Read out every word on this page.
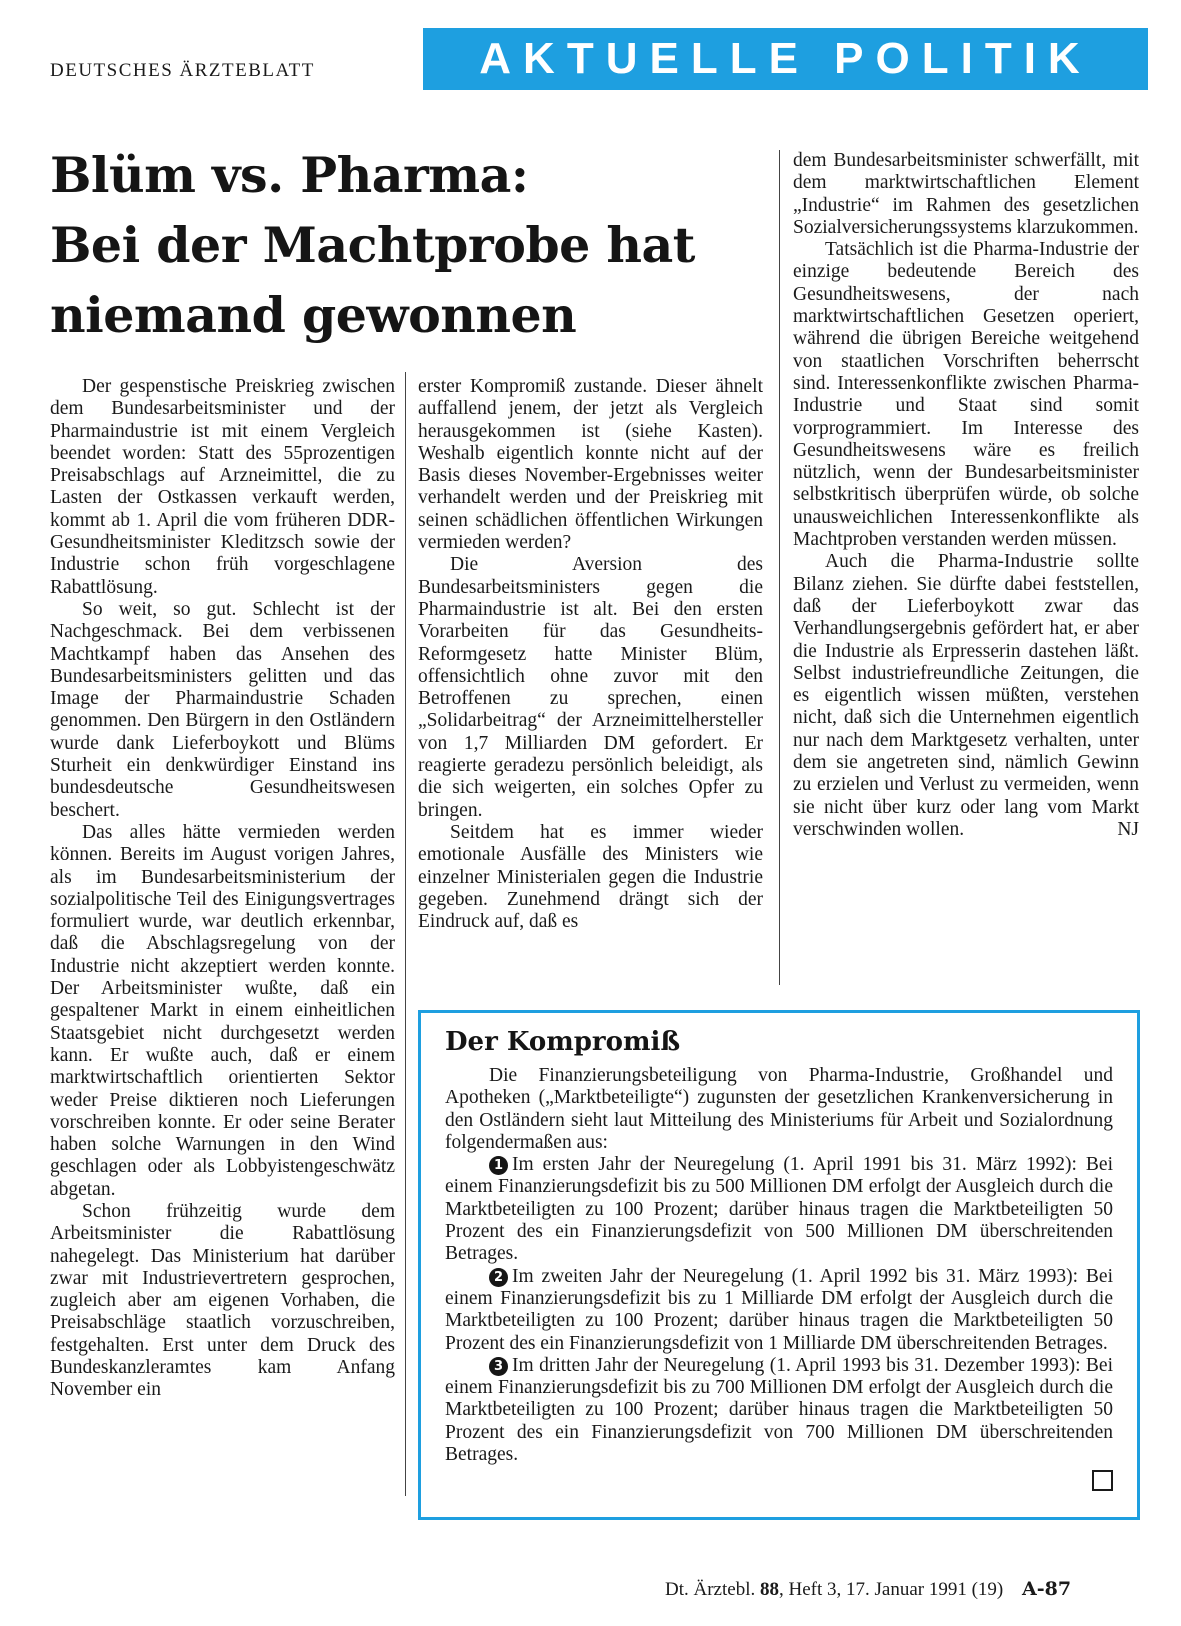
DEUTSCHES ÄRZTEBLATT	AKTUELLE POLITIK
Blüm vs. Pharma:
Bei der Machtprobe hat
niemand gewonnen

Der gespenstische Preiskrieg zwischen dem Bundesarbeitsminister und der Pharmaindustrie ist mit einem Vergleich beendet worden: Statt des 55prozentigen Preisabschlags auf Arzneimittel, die zu Lasten der Ostkassen verkauft werden, kommt ab 1. April die vom früheren DDR-Gesundheitsminister Kleditzsch sowie der Industrie schon früh vorgeschlagene Rabattlösung.

So weit, so gut. Schlecht ist der Nachgeschmack. Bei dem verbissenen Machtkampf haben das Ansehen des Bundesarbeitsministers gelitten und das Image der Pharmaindustrie Schaden genommen. Den Bürgern in den Ostländern wurde dank Lieferboykott und Blüms Sturheit ein denkwürdiger Einstand ins bundesdeutsche Gesundheitswesen beschert.

Das alles hätte vermieden werden können. Bereits im August vorigen Jahres, als im Bundesarbeitsministerium der sozialpolitische Teil des Einigungsvertrages formuliert wurde, war deutlich erkennbar, daß die Abschlagsregelung von der Industrie nicht akzeptiert werden konnte. Der Arbeitsminister wußte, daß ein gespaltener Markt in einem einheitlichen Staatsgebiet nicht durchgesetzt werden kann. Er wußte auch, daß er einem marktwirtschaftlich orientierten Sektor weder Preise diktieren noch Lieferungen vorschreiben konnte. Er oder seine Berater haben solche Warnungen in den Wind geschlagen oder als Lobbyistengeschwätz abgetan.

Schon frühzeitig wurde dem Arbeitsminister die Rabattlösung nahegelegt. Das Ministerium hat darüber zwar mit Industrievertretern gesprochen, zugleich aber am eigenen Vorhaben, die Preisabschläge staatlich vorzuschreiben, festgehalten. Erst unter dem Druck des Bundeskanzleramtes kam Anfang November ein

erster Kompromiß zustande. Dieser ähnelt auffallend jenem, der jetzt als Vergleich herausgekommen ist (siehe Kasten). Weshalb eigentlich konnte nicht auf der Basis dieses November-Ergebnisses weiter verhandelt werden und der Preiskrieg mit seinen schädlichen öffentlichen Wirkungen vermieden werden?

Die Aversion des Bundesarbeitsministers gegen die Pharmaindustrie ist alt. Bei den ersten Vorarbeiten für das Gesundheits-Reformgesetz hatte Minister Blüm, offensichtlich ohne zuvor mit den Betroffenen zu sprechen, einen „Solidarbeitrag“ der Arzneimittelhersteller von 1,7 Milliarden DM gefordert. Er reagierte geradezu persönlich beleidigt, als die sich weigerten, ein solches Opfer zu bringen.

Seitdem hat es immer wieder emotionale Ausfälle des Ministers wie einzelner Ministerialen gegen die Industrie gegeben. Zunehmend drängt sich der Eindruck auf, daß es

dem Bundesarbeitsminister schwerfällt, mit dem marktwirtschaftlichen Element „Industrie“ im Rahmen des gesetzlichen Sozialversicherungssystems klarzukommen.

Tatsächlich ist die Pharma-Industrie der einzige bedeutende Bereich des Gesundheitswesens, der nach marktwirtschaftlichen Gesetzen operiert, während die übrigen Bereiche weitgehend von staatlichen Vorschriften beherrscht sind. Interessenkonflikte zwischen Pharma-Industrie und Staat sind somit vorprogrammiert. Im Interesse des Gesundheitswesens wäre es freilich nützlich, wenn der Bundesarbeitsminister selbstkritisch überprüfen würde, ob solche unausweichlichen Interessenkonflikte als Machtproben verstanden werden müssen.

Auch die Pharma-Industrie sollte Bilanz ziehen. Sie dürfte dabei feststellen, daß der Lieferboykott zwar das Verhandlungsergebnis gefördert hat, er aber die Industrie als Erpresserin dastehen läßt. Selbst industriefreundliche Zeitungen, die es eigentlich wissen müßten, verstehen nicht, daß sich die Unternehmen eigentlich nur nach dem Marktgesetz verhalten, unter dem sie angetreten sind, nämlich Gewinn zu erzielen und Verlust zu vermeiden, wenn sie nicht über kurz oder lang vom Markt verschwinden wollen.	NJ

Der Kompromiß

Die Finanzierungsbeteiligung von Pharma-Industrie, Großhandel und Apotheken („Marktbeteiligte“) zugunsten der gesetzlichen Krankenversicherung in den Ostländern sieht laut Mitteilung des Ministeriums für Arbeit und Sozialordnung folgendermaßen aus:

1 Im ersten Jahr der Neuregelung (1. April 1991 bis 31. März 1992): Bei einem Finanzierungsdefizit bis zu 500 Millionen DM erfolgt der Ausgleich durch die Marktbeteiligten zu 100 Prozent; darüber hinaus tragen die Marktbeteiligten 50 Prozent des ein Finanzierungsdefizit von 500 Millionen DM überschreitenden Betrages.

2 Im zweiten Jahr der Neuregelung (1. April 1992 bis 31. März 1993): Bei einem Finanzierungsdefizit bis zu 1 Milliarde DM erfolgt der Ausgleich durch die Marktbeteiligten zu 100 Prozent; darüber hinaus tragen die Marktbeteiligten 50 Prozent des ein Finanzierungsdefizit von 1 Milliarde DM überschreitenden Betrages.

3 Im dritten Jahr der Neuregelung (1. April 1993 bis 31. Dezember 1993): Bei einem Finanzierungsdefizit bis zu 700 Millionen DM erfolgt der Ausgleich durch die Marktbeteiligten zu 100 Prozent; darüber hinaus tragen die Marktbeteiligten 50 Prozent des ein Finanzierungsdefizit von 700 Millionen DM überschreitenden Betrages.

Dt. Ärztebl. 88, Heft 3, 17. Januar 1991 (19) A-87
